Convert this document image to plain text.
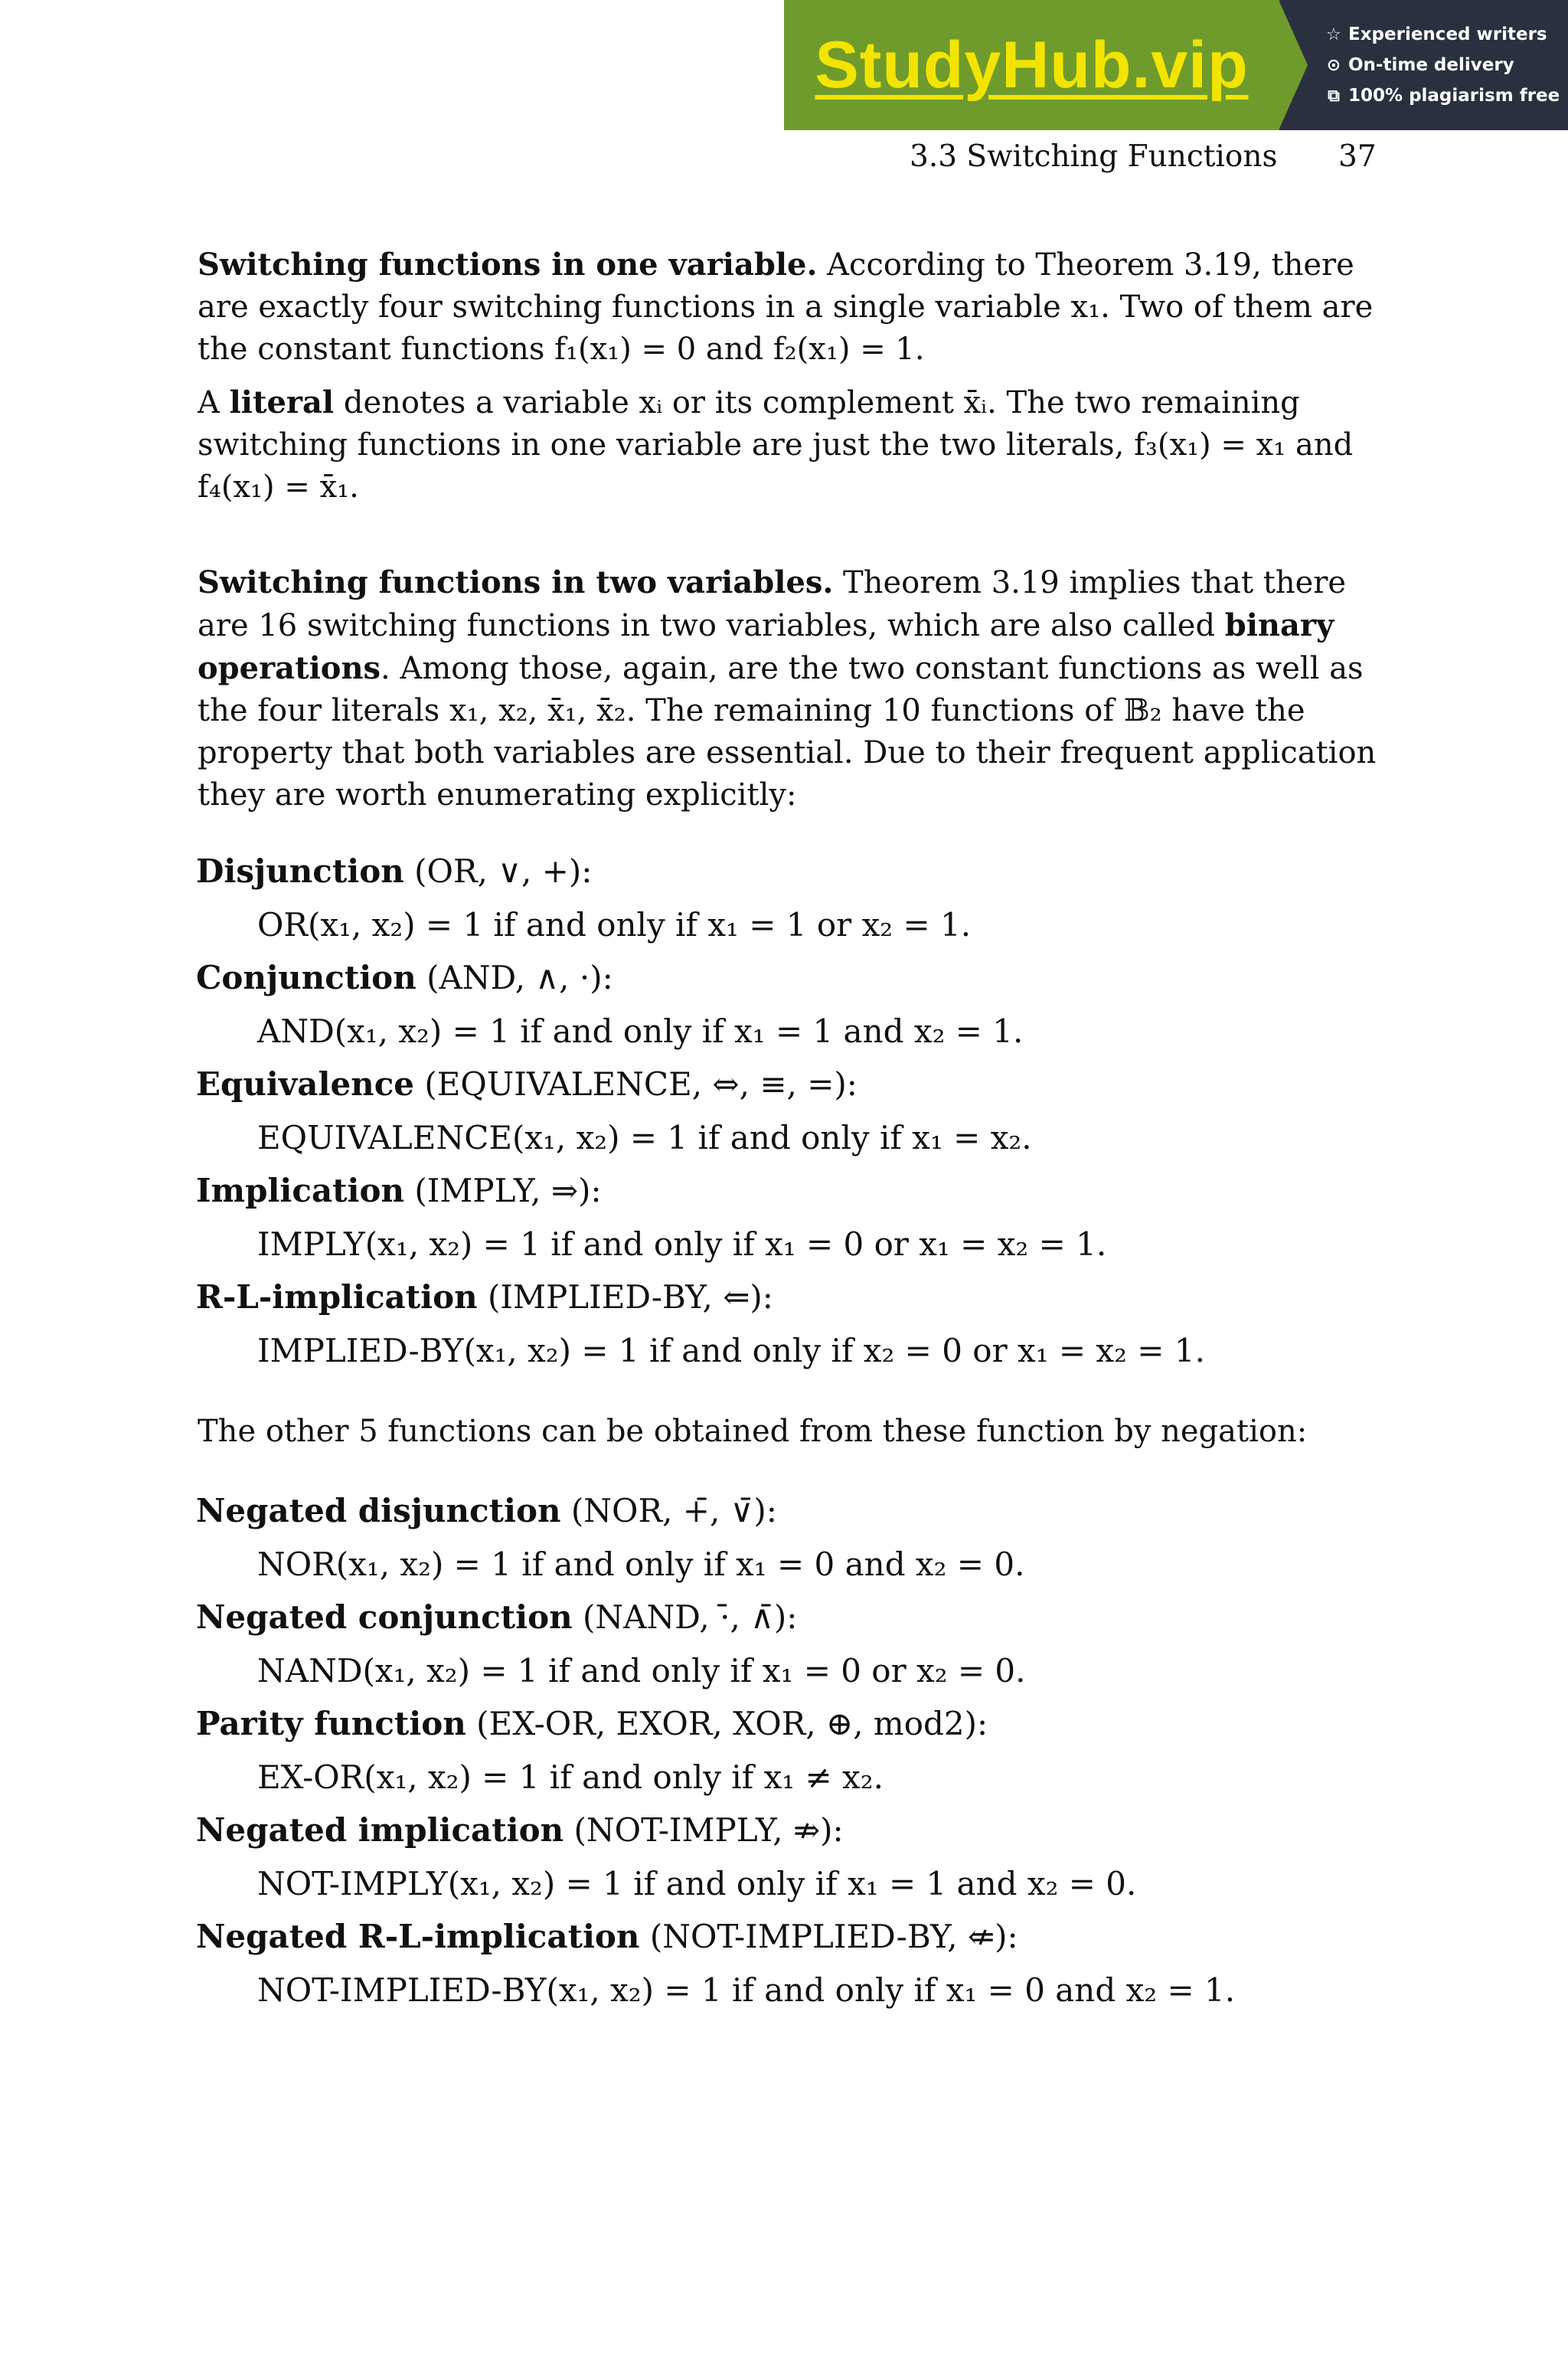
StudyHub.vip	☆ Experienced writers
⊙ On-time delivery
⧉ 100% plagiarism free
3.3 Switching Functions 37
Switching functions in one variable. According to Theorem 3.19, there
are exactly four switching functions in a single variable x₁. Two of them are
the constant functions f₁(x₁) = 0 and f₂(x₁) = 1.
A literal denotes a variable xᵢ or its complement x̄ᵢ. The two remaining
switching functions in one variable are just the two literals, f₃(x₁) = x₁ and
f₄(x₁) = x̄₁.
Switching functions in two variables. Theorem 3.19 implies that there
are 16 switching functions in two variables, which are also called binary
operations. Among those, again, are the two constant functions as well as
the four literals x₁, x₂, x̄₁, x̄₂. The remaining 10 functions of 𝔹₂ have the
property that both variables are essential. Due to their frequent application
they are worth enumerating explicitly:
Disjunction (OR, ∨, +):
OR(x₁, x₂) = 1 if and only if x₁ = 1 or x₂ = 1.
Conjunction (AND, ∧, ·):
AND(x₁, x₂) = 1 if and only if x₁ = 1 and x₂ = 1.
Equivalence (EQUIVALENCE, ⇔, ≡, =):
EQUIVALENCE(x₁, x₂) = 1 if and only if x₁ = x₂.
Implication (IMPLY, ⇒):
IMPLY(x₁, x₂) = 1 if and only if x₁ = 0 or x₁ = x₂ = 1.
R-L-implication (IMPLIED-BY, ⇐):
IMPLIED-BY(x₁, x₂) = 1 if and only if x₂ = 0 or x₁ = x₂ = 1.
The other 5 functions can be obtained from these function by negation:
Negated disjunction (NOR, +̄, ∨̄):
NOR(x₁, x₂) = 1 if and only if x₁ = 0 and x₂ = 0.
Negated conjunction (NAND, ·̄, ∧̄):
NAND(x₁, x₂) = 1 if and only if x₁ = 0 or x₂ = 0.
Parity function (EX-OR, EXOR, XOR, ⊕, mod2):
EX-OR(x₁, x₂) = 1 if and only if x₁ ≠ x₂.
Negated implication (NOT-IMPLY, ⇏):
NOT-IMPLY(x₁, x₂) = 1 if and only if x₁ = 1 and x₂ = 0.
Negated R-L-implication (NOT-IMPLIED-BY, ⇍):
NOT-IMPLIED-BY(x₁, x₂) = 1 if and only if x₁ = 0 and x₂ = 1.
